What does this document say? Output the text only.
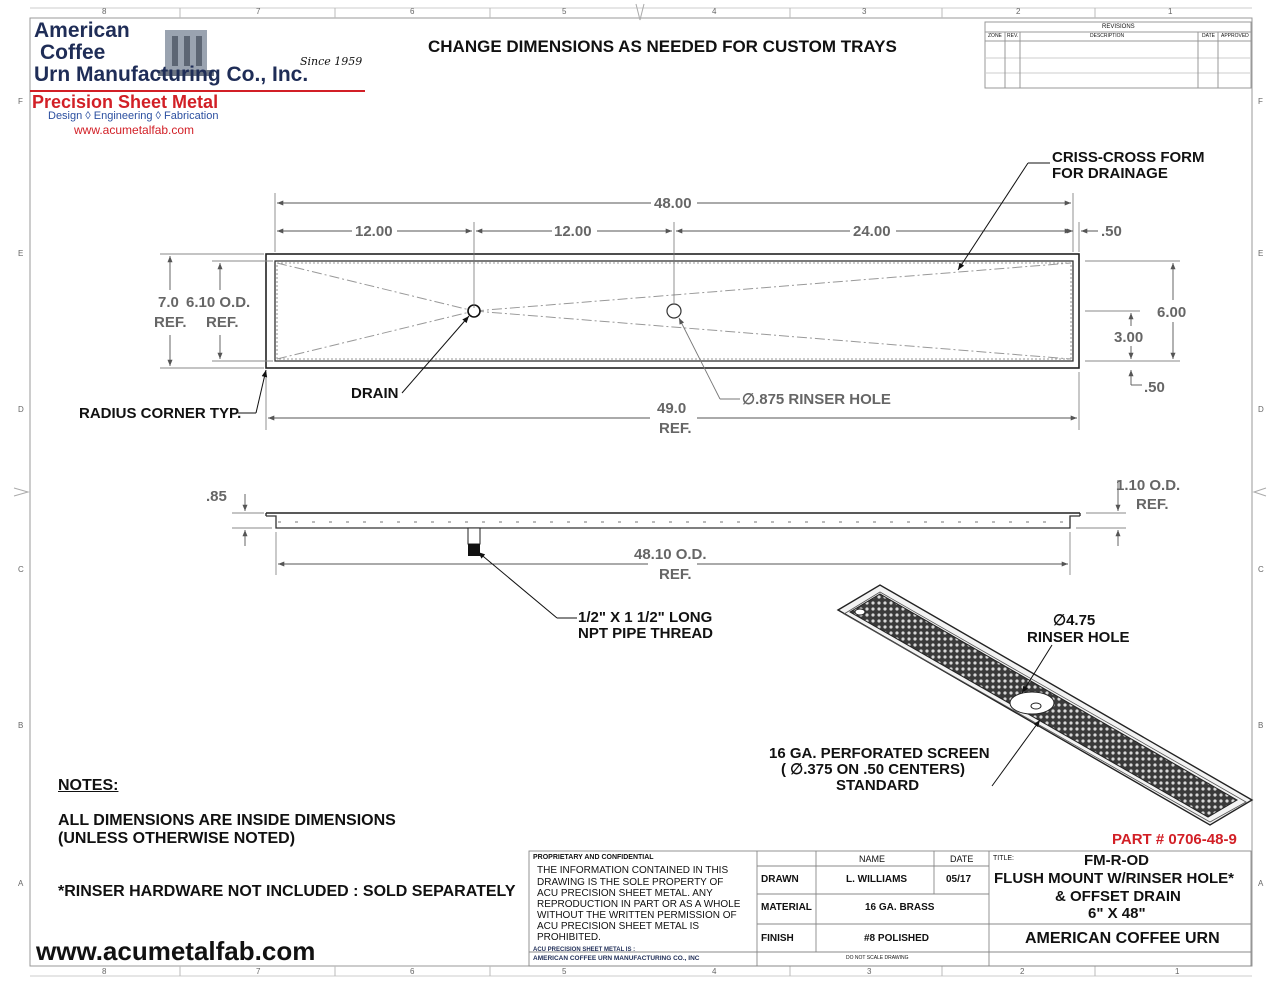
8	7	6	5	4	3	2	1
8	7	6	5	4	3	2	1
F
E
D
C
B
A
F
E
D
C
B
A
American
Coffee
Urn Manufacturing Co., Inc.
Since 1959
Precision Sheet Metal
Design ◊ Engineering ◊ Fabrication
www.acumetalfab.com
CHANGE DIMENSIONS AS NEEDED FOR CUSTOM TRAYS
REVISIONS
ZONE REV.	DESCRIPTION	DATE APPROVED
CRISS-CROSS FORM
FOR DRAINAGE
48.00
12.00	12.00	24.00	.50
7.0
REF.
6.10 O.D.
REF.
6.00
3.00
.50
DRAIN	∅.875 RINSER HOLE
RADIUS CORNER TYP.	49.0
REF.
.85
1.10 O.D.
REF.
48.10 O.D.
REF.
1/2" X 1 1/2" LONG
NPT PIPE THREAD
∅4.75
RINSER HOLE
16 GA. PERFORATED SCREEN
( ∅.375 ON .50 CENTERS)
STANDARD
NOTES:
ALL DIMENSIONS ARE INSIDE DIMENSIONS
(UNLESS OTHERWISE NOTED)
*RINSER HARDWARE NOT INCLUDED : SOLD SEPARATELY
www.acumetalfab.com
PART # 0706-48-9
PROPRIETARY AND CONFIDENTIAL
THE INFORMATION CONTAINED IN THIS
DRAWING IS THE SOLE PROPERTY OF
ACU PRECISION SHEET METAL. ANY
REPRODUCTION IN PART OR AS A WHOLE
WITHOUT THE WRITTEN PERMISSION OF
ACU PRECISION SHEET METAL IS
PROHIBITED.
ACU PRECISION SHEET METAL IS :
AMERICAN COFFEE URN MANUFACTURING CO., INC
NAME	DATE
DRAWN	L. WILLIAMS	05/17
MATERIAL	16 GA. BRASS
FINISH	#8 POLISHED
DO NOT SCALE DRAWING
TITLE:	FM-R-OD
FLUSH MOUNT W/RINSER HOLE*
& OFFSET DRAIN
6" X 48"
AMERICAN COFFEE URN
